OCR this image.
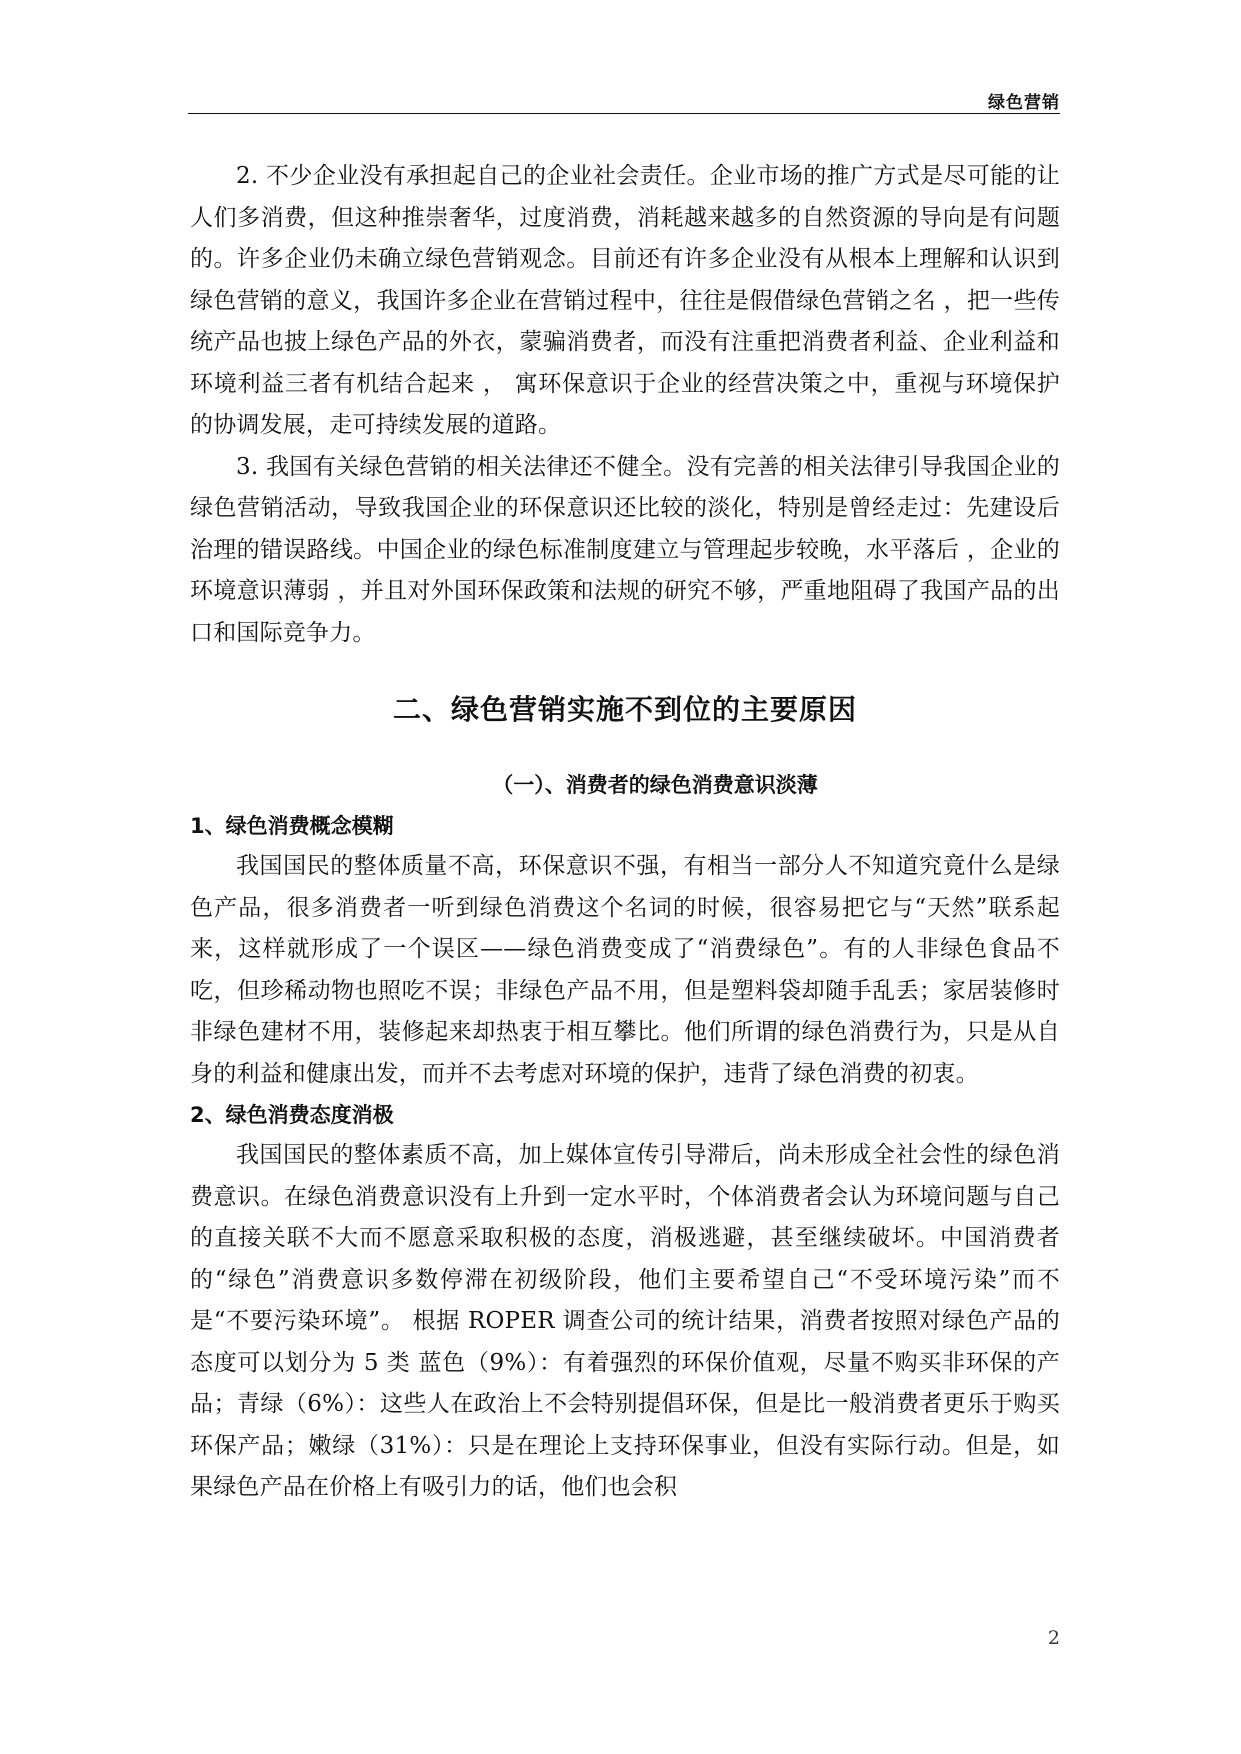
绿色营销

2. 不少企业没有承担起自己的企业社会责任。企业市场的推广方式是尽可能的让人们多消费，但这种推崇奢华，过度消费，消耗越来越多的自然资源的导向是有问题的。许多企业仍未确立绿色营销观念。目前还有许多企业没有从根本上理解和认识到绿色营销的意义，我国许多企业在营销过程中，往往是假借绿色营销之名 ，把一些传统产品也披上绿色产品的外衣，蒙骗消费者，而没有注重把消费者利益、企业利益和环境利益三者有机结合起来 ， 寓环保意识于企业的经营决策之中，重视与环境保护的协调发展，走可持续发展的道路。

3. 我国有关绿色营销的相关法律还不健全。没有完善的相关法律引导我国企业的绿色营销活动，导致我国企业的环保意识还比较的淡化，特别是曾经走过：先建设后治理的错误路线。中国企业的绿色标准制度建立与管理起步较晚，水平落后 ，企业的环境意识薄弱 ，并且对外国环保政策和法规的研究不够，严重地阻碍了我国产品的出口和国际竞争力。

二、绿色营销实施不到位的主要原因
（一）、消费者的绿色消费意识淡薄
1、绿色消费概念模糊

我国国民的整体质量不高，环保意识不强，有相当一部分人不知道究竟什么是绿色产品，很多消费者一听到绿色消费这个名词的时候，很容易把它与“天然”联系起来，这样就形成了一个误区——绿色消费变成了“消费绿色”。有的人非绿色食品不吃，但珍稀动物也照吃不误；非绿色产品不用，但是塑料袋却随手乱丢；家居装修时非绿色建材不用，装修起来却热衷于相互攀比。他们所谓的绿色消费行为，只是从自身的利益和健康出发，而并不去考虑对环境的保护，违背了绿色消费的初衷。

2、绿色消费态度消极

我国国民的整体素质不高，加上媒体宣传引导滞后，尚未形成全社会性的绿色消费意识。在绿色消费意识没有上升到一定水平时，个体消费者会认为环境问题与自己的直接关联不大而不愿意采取积极的态度，消极逃避，甚至继续破坏。中国消费者的“绿色”消费意识多数停滞在初级阶段，他们主要希望自己“不受环境污染”而不是“不要污染环境”。 根据 ROPER 调查公司的统计结果，消费者按照对绿色产品的态度可以划分为 5 类 蓝色（9%）：有着强烈的环保价值观，尽量不购买非环保的产品；青绿（6%）：这些人在政治上不会特别提倡环保，但是比一般消费者更乐于购买环保产品；嫩绿（31%）：只是在理论上支持环保事业，但没有实际行动。但是，如果绿色产品在价格上有吸引力的话，他们也会积

2
